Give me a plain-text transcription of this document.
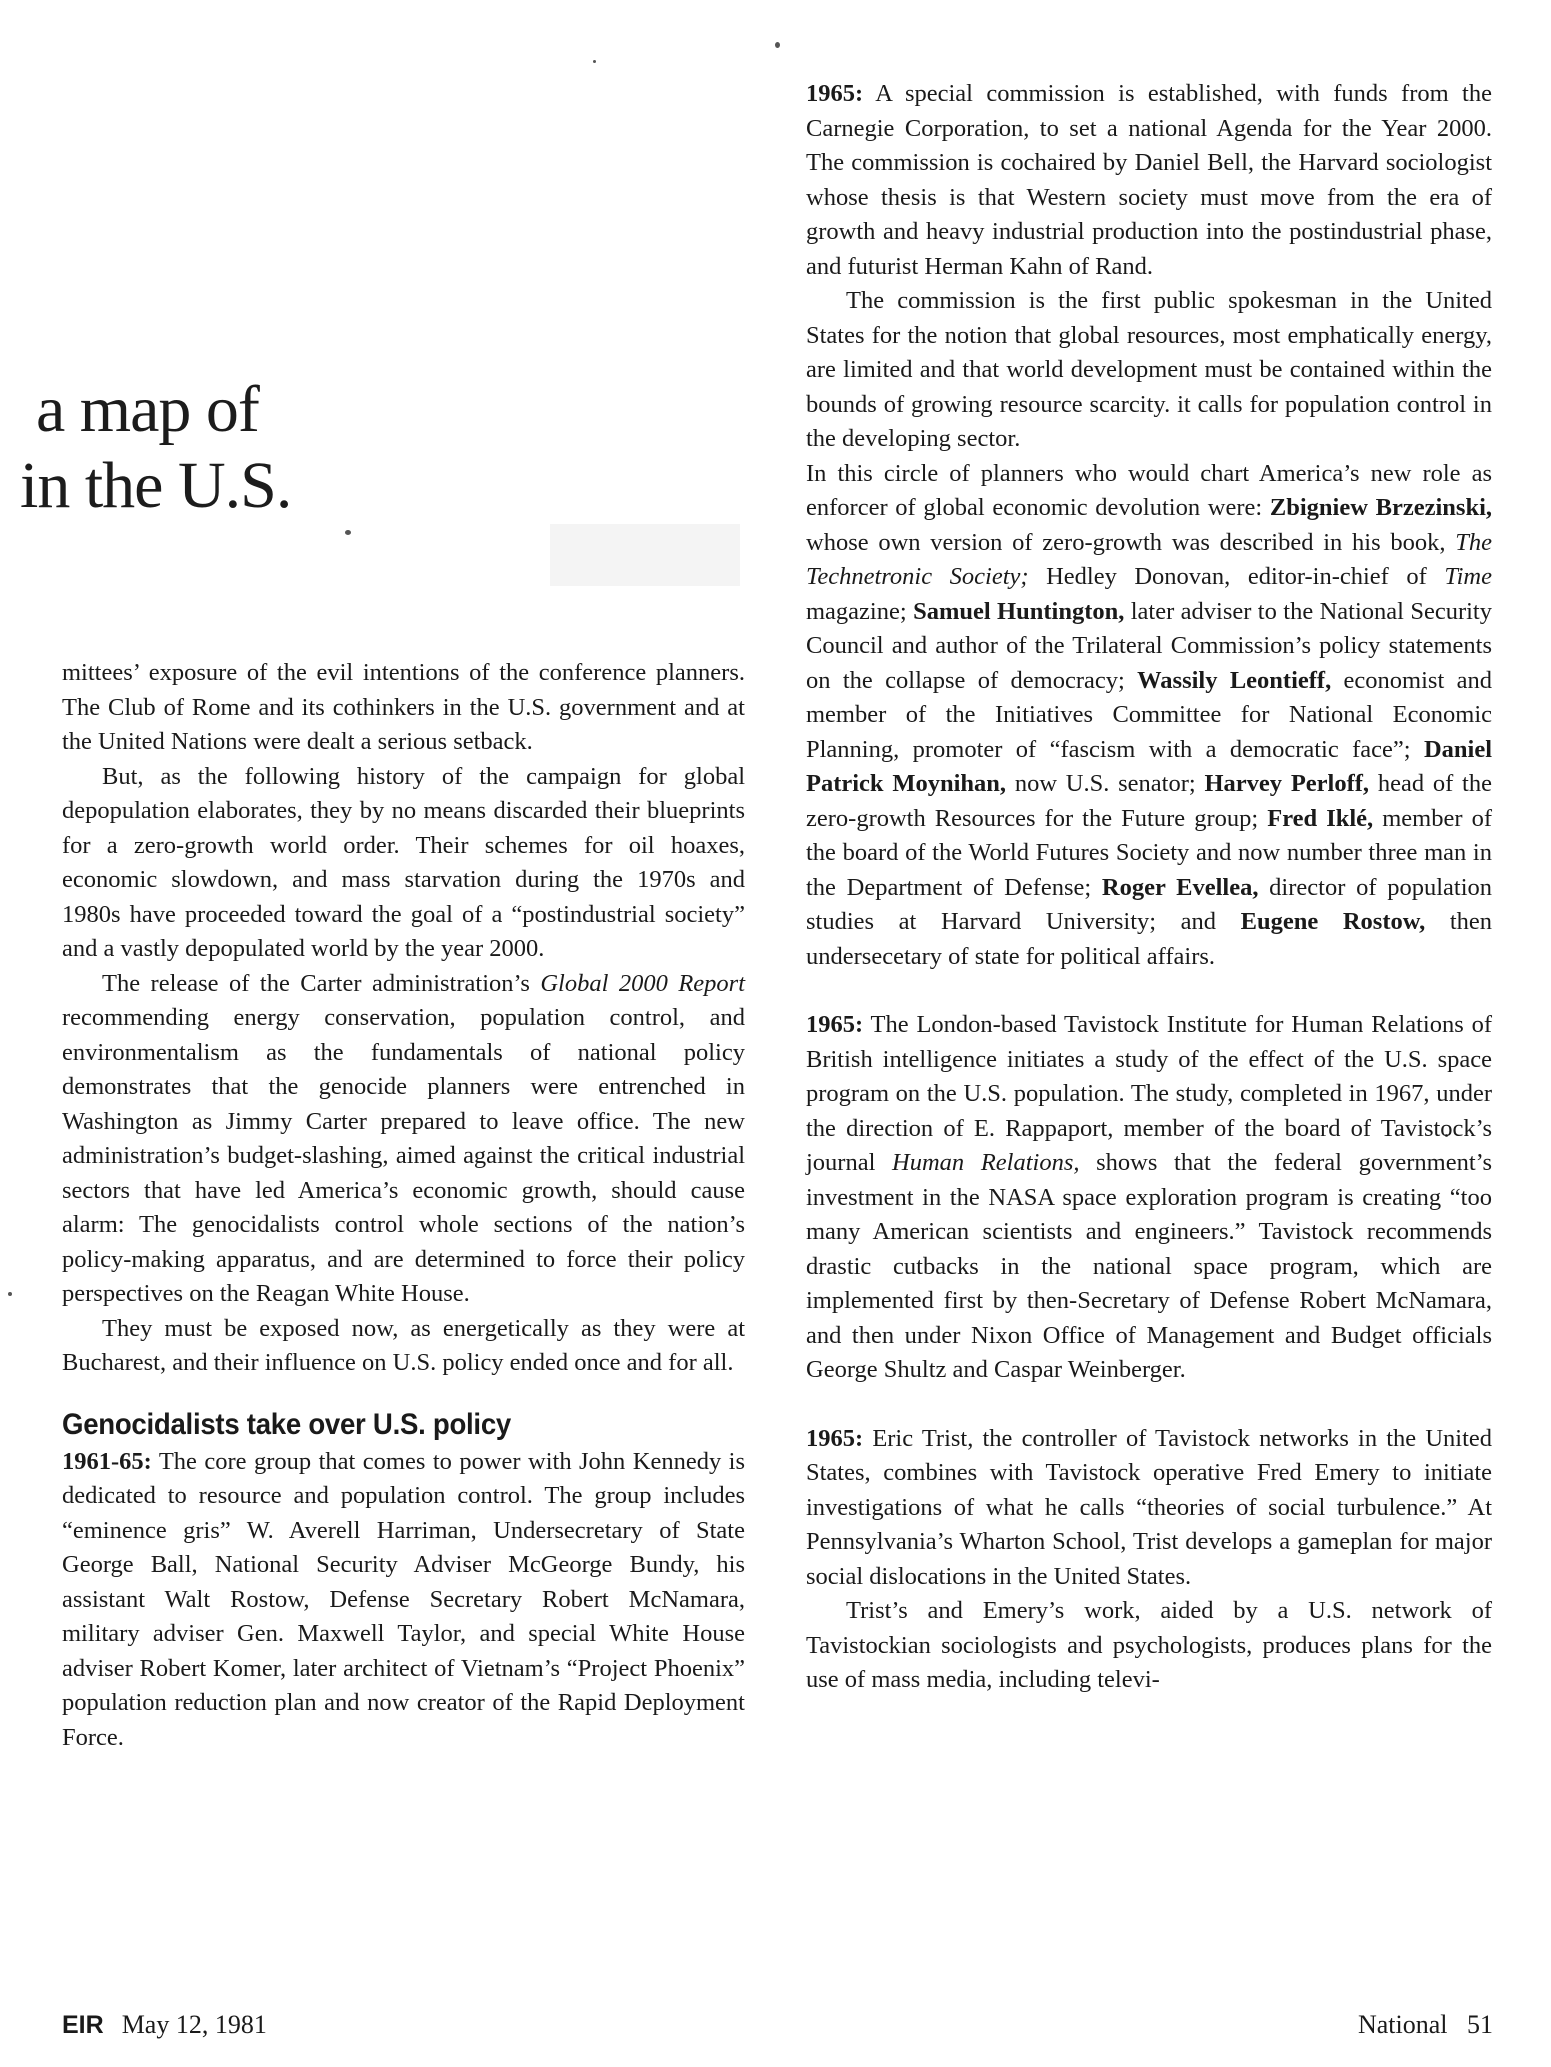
a map of
in the U.S.

mittees’ exposure of the evil intentions of the conference planners. The Club of Rome and its cothinkers in the U.S. government and at the United Nations were dealt a serious setback.

But, as the following history of the campaign for global depopulation elaborates, they by no means discarded their blueprints for a zero-growth world order. Their schemes for oil hoaxes, economic slowdown, and mass starvation during the 1970s and 1980s have proceeded toward the goal of a “postindustrial society” and a vastly depopulated world by the year 2000.

The release of the Carter administration’s Global 2000 Report recommending energy conservation, population control, and environmentalism as the fundamentals of national policy demonstrates that the genocide planners were entrenched in Washington as Jimmy Carter prepared to leave office. The new administration’s budget-slashing, aimed against the critical industrial sectors that have led America’s economic growth, should cause alarm: The genocidalists control whole sections of the nation’s policy-making apparatus, and are determined to force their policy perspectives on the Reagan White House.

They must be exposed now, as energetically as they were at Bucharest, and their influence on U.S. policy ended once and for all.

Genocidalists take over U.S. policy

1961-65: The core group that comes to power with John Kennedy is dedicated to resource and population control. The group includes “eminence gris” W. Averell Harriman, Undersecretary of State George Ball, National Security Adviser McGeorge Bundy, his assistant Walt Rostow, Defense Secretary Robert McNamara, military adviser Gen. Maxwell Taylor, and special White House adviser Robert Komer, later architect of Vietnam’s “Project Phoenix” population reduction plan and now creator of the Rapid Deployment Force.

1965: A special commission is established, with funds from the Carnegie Corporation, to set a national Agenda for the Year 2000. The commission is cochaired by Daniel Bell, the Harvard sociologist whose thesis is that Western society must move from the era of growth and heavy industrial production into the postindustrial phase, and futurist Herman Kahn of Rand.

The commission is the first public spokesman in the United States for the notion that global resources, most emphatically energy, are limited and that world development must be contained within the bounds of growing resource scarcity. it calls for population control in the developing sector.

In this circle of planners who would chart America’s new role as enforcer of global economic devolution were: Zbigniew Brzezinski, whose own version of zero-growth was described in his book, The Technetronic Society; Hedley Donovan, editor-in-chief of Time magazine; Samuel Huntington, later adviser to the National Security Council and author of the Trilateral Commission’s policy statements on the collapse of democracy; Wassily Leontieff, economist and member of the Initiatives Committee for National Economic Planning, promoter of “fascism with a democratic face”; Daniel Patrick Moynihan, now U.S. senator; Harvey Perloff, head of the zero-growth Resources for the Future group; Fred Iklé, member of the board of the World Futures Society and now number three man in the Department of Defense; Roger Evellea, director of population studies at Harvard University; and Eugene Rostow, then undersecetary of state for political affairs.

1965: The London-based Tavistock Institute for Human Relations of British intelligence initiates a study of the effect of the U.S. space program on the U.S. population. The study, completed in 1967, under the direction of E. Rappaport, member of the board of Tavistock’s journal Human Relations, shows that the federal government’s investment in the NASA space exploration program is creating “too many American scientists and engineers.” Tavistock recommends drastic cutbacks in the national space program, which are implemented first by then-Secretary of Defense Robert McNamara, and then under Nixon Office of Management and Budget officials George Shultz and Caspar Weinberger.

1965: Eric Trist, the controller of Tavistock networks in the United States, combines with Tavistock operative Fred Emery to initiate investigations of what he calls “theories of social turbulence.” At Pennsylvania’s Wharton School, Trist develops a gameplan for major social dislocations in the United States.

Trist’s and Emery’s work, aided by a U.S. network of Tavistockian sociologists and psychologists, produces plans for the use of mass media, including televi-

EIR May 12, 1981	National 51
